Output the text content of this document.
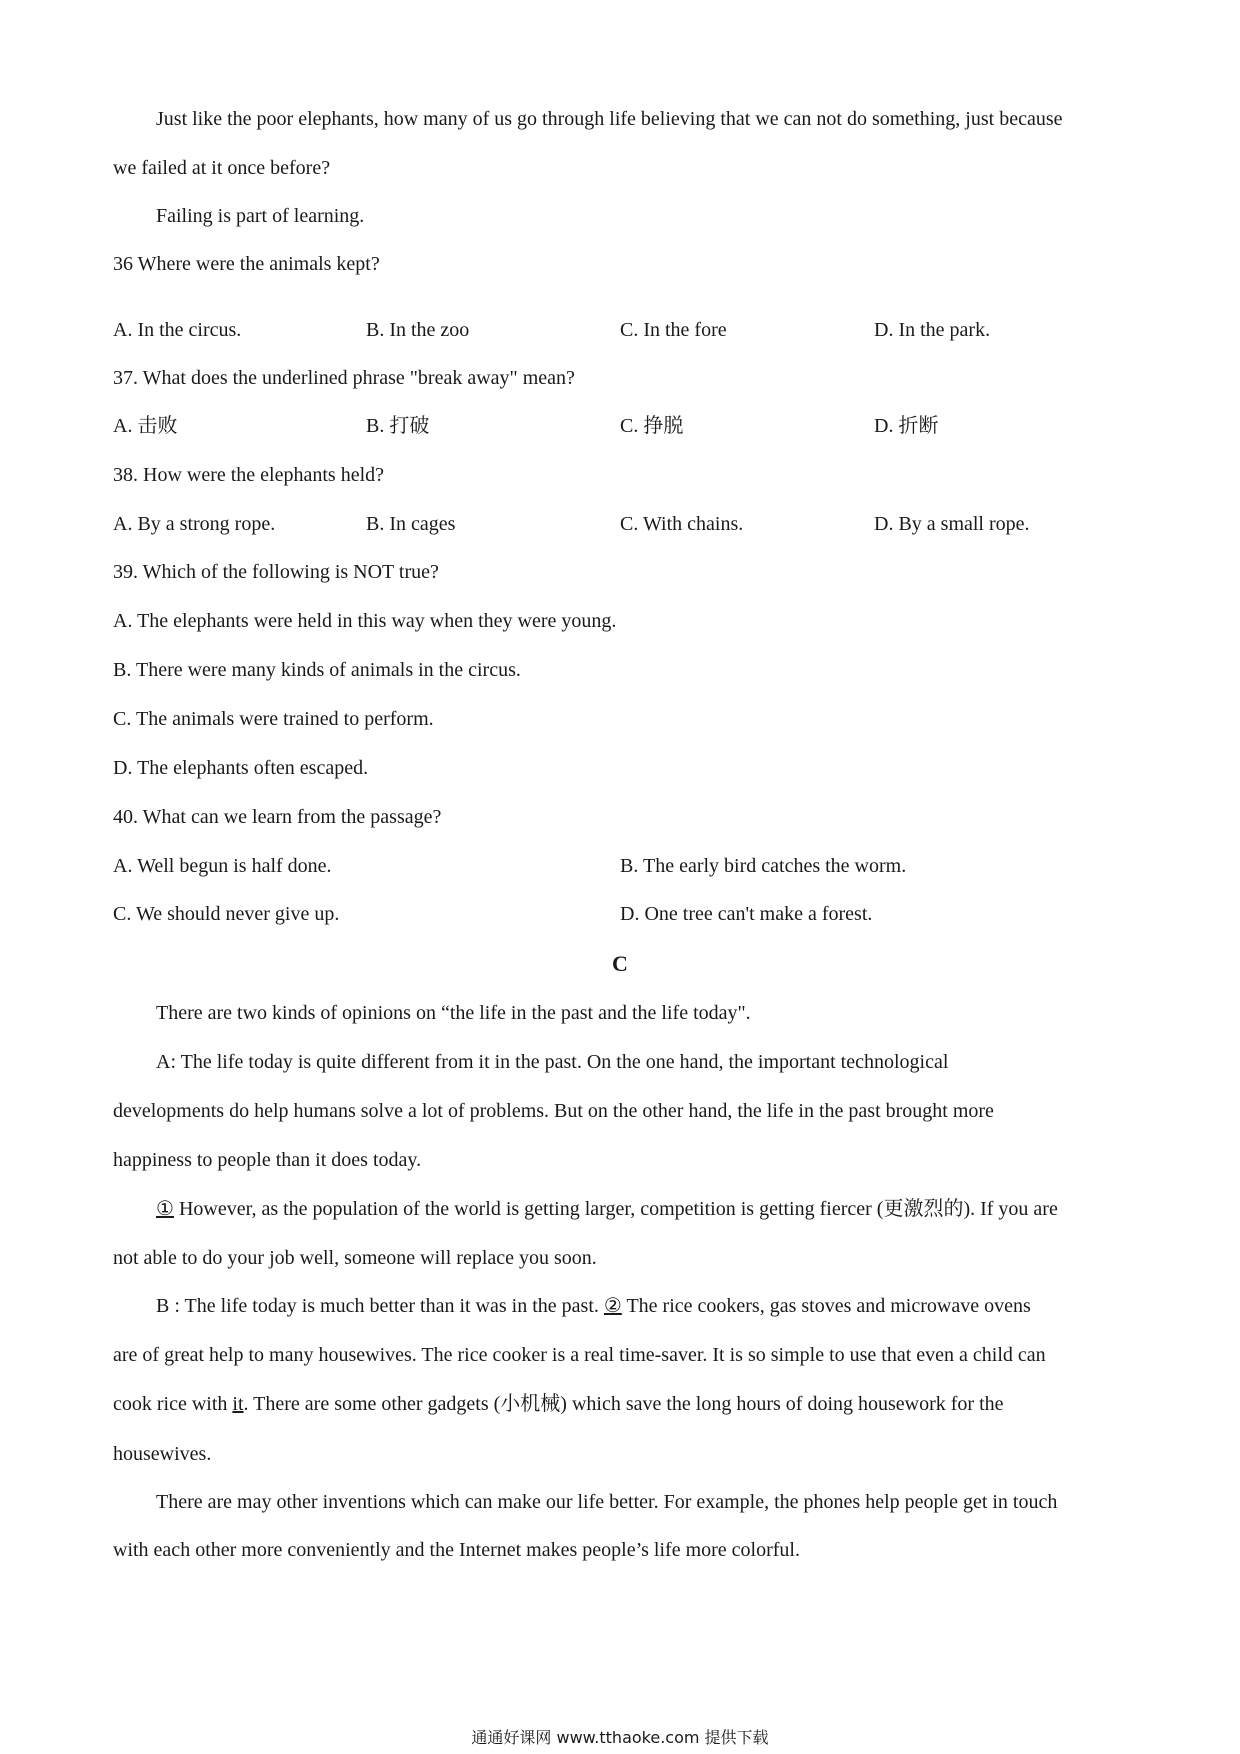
Just like the poor elephants, how many of us go through life believing that we can not do something, just because
we failed at it once before?
Failing is part of learning.
36 Where were the animals kept?
A. In the circus.	B. In the zoo	C. In the fore	D. In the park.
37. What does the underlined phrase "break away" mean?
A. 击败	B. 打破	C. 挣脱	D. 折断
38. How were the elephants held?
A. By a strong rope.	B. In cages	C. With chains.	D. By a small rope.
39. Which of the following is NOT true?
A. The elephants were held in this way when they were young.
B. There were many kinds of animals in the circus.
C. The animals were trained to perform.
D. The elephants often escaped.
40. What can we learn from the passage?
A. Well begun is half done.	B. The early bird catches the worm.
C. We should never give up.	D. One tree can't make a forest.
C
There are two kinds of opinions on “the life in the past and the life today".
A: The life today is quite different from it in the past. On the one hand, the important technological
developments do help humans solve a lot of problems. But on the other hand, the life in the past brought more
happiness to people than it does today.
① However, as the population of the world is getting larger, competition is getting fiercer (更激烈的). If you are
not able to do your job well, someone will replace you soon.
B : The life today is much better than it was in the past. ② The rice cookers, gas stoves and microwave ovens
are of great help to many housewives. The rice cooker is a real time-saver. It is so simple to use that even a child can
cook rice with it. There are some other gadgets (小机械) which save the long hours of doing housework for the
housewives.
There are may other inventions which can make our life better. For example, the phones help people get in touch
with each other more conveniently and the Internet makes people’s life more colorful.
通通好课网 www.tthaoke.com 提供下载
